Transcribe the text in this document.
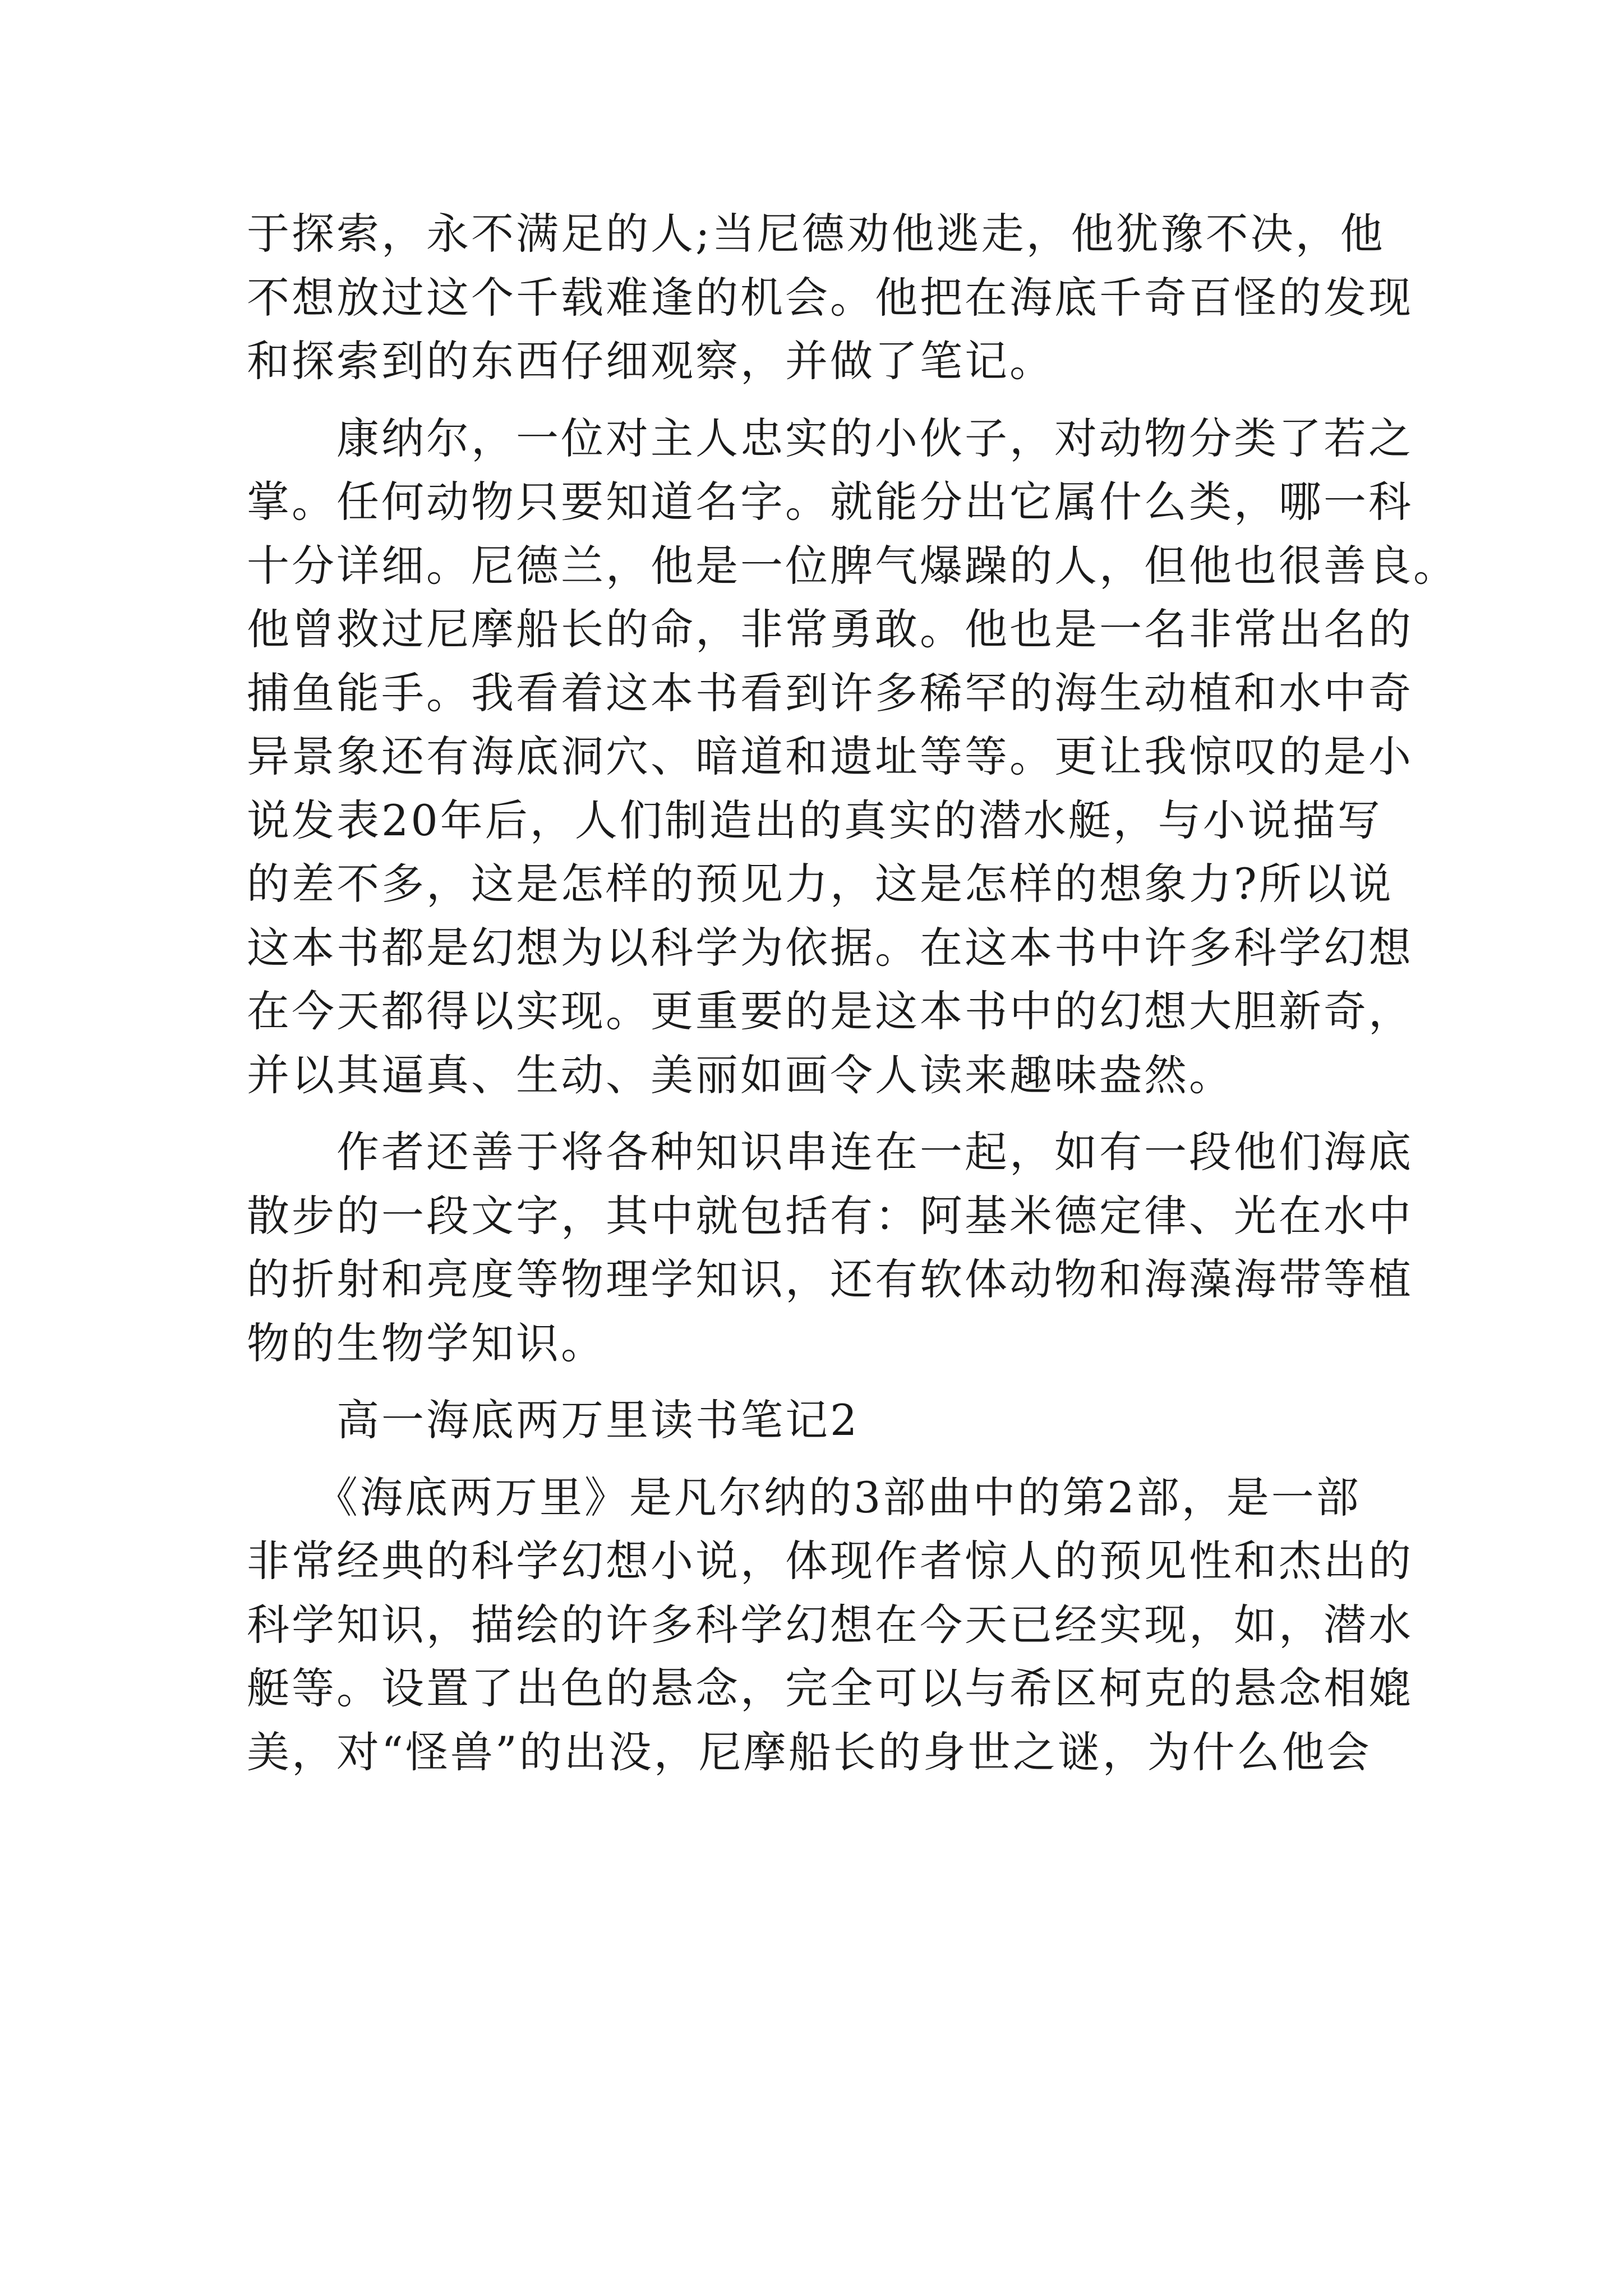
于探索，永不满足的人;当尼德劝他逃走，他犹豫不决，他
不想放过这个千载难逢的机会。他把在海底千奇百怪的发现
和探索到的东西仔细观察，并做了笔记。
　　康纳尔，一位对主人忠实的小伙子，对动物分类了若之
掌。任何动物只要知道名字。就能分出它属什么类，哪一科
十分详细。尼德兰，他是一位脾气爆躁的人，但他也很善良。
他曾救过尼摩船长的命，非常勇敢。他也是一名非常出名的
捕鱼能手。我看着这本书看到许多稀罕的海生动植和水中奇
异景象还有海底洞穴、暗道和遗址等等。更让我惊叹的是小
说发表20年后，人们制造出的真实的潜水艇，与小说描写
的差不多，这是怎样的预见力，这是怎样的想象力?所以说
这本书都是幻想为以科学为依据。在这本书中许多科学幻想
在今天都得以实现。更重要的是这本书中的幻想大胆新奇，
并以其逼真、生动、美丽如画令人读来趣味盎然。
　　作者还善于将各种知识串连在一起，如有一段他们海底
散步的一段文字，其中就包括有：阿基米德定律、光在水中
的折射和亮度等物理学知识，还有软体动物和海藻海带等植
物的生物学知识。
　　高一海底两万里读书笔记2
　　《海底两万里》是凡尔纳的3部曲中的第2部，是一部
非常经典的科学幻想小说，体现作者惊人的预见性和杰出的
科学知识，描绘的许多科学幻想在今天已经实现，如，潜水
艇等。设置了出色的悬念，完全可以与希区柯克的悬念相媲
美，对“怪兽”的出没，尼摩船长的身世之谜，为什么他会
